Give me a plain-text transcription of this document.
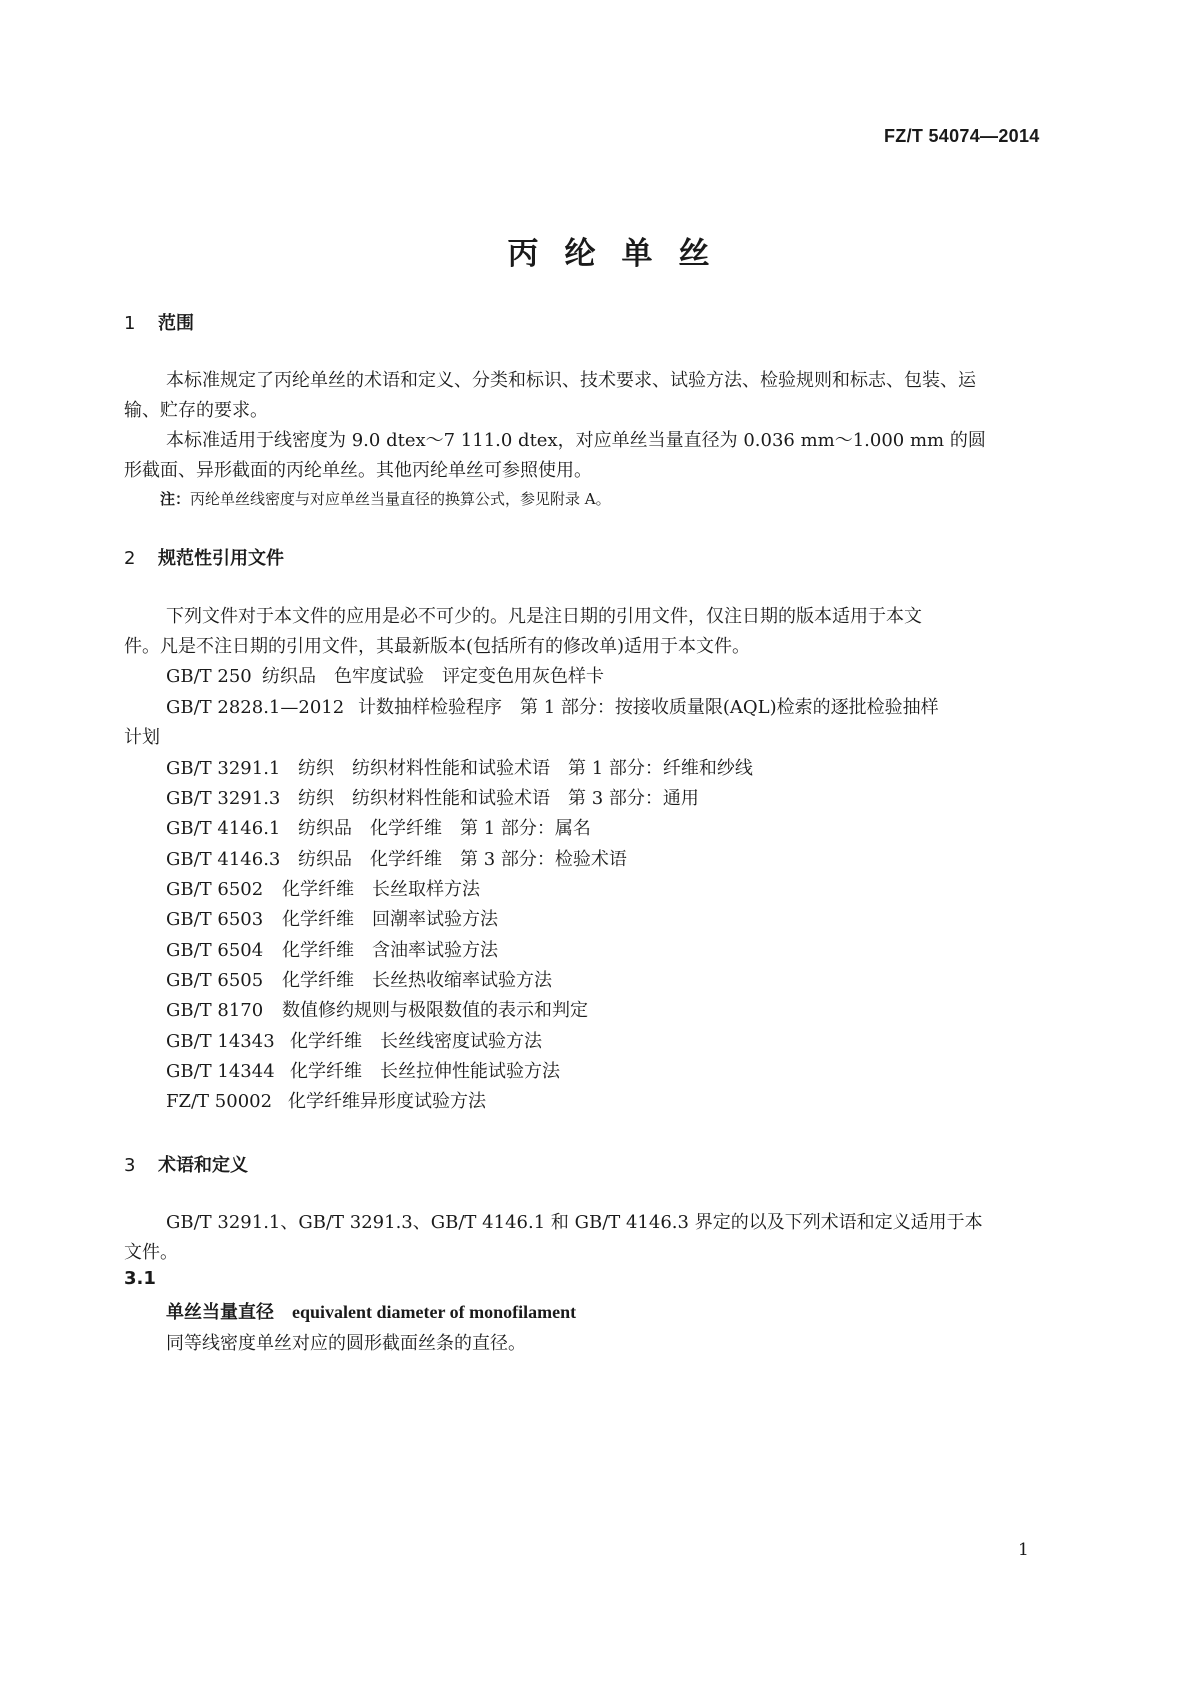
FZ/T 54074—2014
丙纶单丝
1 范围
本标准规定了丙纶单丝的术语和定义、分类和标识、技术要求、试验方法、检验规则和标志、包装、运
输、贮存的要求。
本标准适用于线密度为 9.0 dtex～7 111.0 dtex，对应单丝当量直径为 0.036 mm～1.000 mm 的圆
形截面、异形截面的丙纶单丝。其他丙纶单丝可参照使用。
注：丙纶单丝线密度与对应单丝当量直径的换算公式，参见附录 A。
2 规范性引用文件
下列文件对于本文件的应用是必不可少的。凡是注日期的引用文件，仅注日期的版本适用于本文
件。凡是不注日期的引用文件，其最新版本(包括所有的修改单)适用于本文件。
GB/T 250 纺织品　色牢度试验　评定变色用灰色样卡
GB/T 2828.1—2012 计数抽样检验程序　第 1 部分：按接收质量限(AQL)检索的逐批检验抽样
计划
GB/T 3291.1 纺织　纺织材料性能和试验术语　第 1 部分：纤维和纱线
GB/T 3291.3 纺织　纺织材料性能和试验术语　第 3 部分：通用
GB/T 4146.1 纺织品　化学纤维　第 1 部分：属名
GB/T 4146.3 纺织品　化学纤维　第 3 部分：检验术语
GB/T 6502 化学纤维　长丝取样方法
GB/T 6503 化学纤维　回潮率试验方法
GB/T 6504 化学纤维　含油率试验方法
GB/T 6505 化学纤维　长丝热收缩率试验方法
GB/T 8170 数值修约规则与极限数值的表示和判定
GB/T 14343 化学纤维　长丝线密度试验方法
GB/T 14344 化学纤维　长丝拉伸性能试验方法
FZ/T 50002 化学纤维异形度试验方法
3 术语和定义
GB/T 3291.1、GB/T 3291.3、GB/T 4146.1 和 GB/T 4146.3 界定的以及下列术语和定义适用于本
文件。
3.1
单丝当量直径 equivalent diameter of monofilament
同等线密度单丝对应的圆形截面丝条的直径。
1
